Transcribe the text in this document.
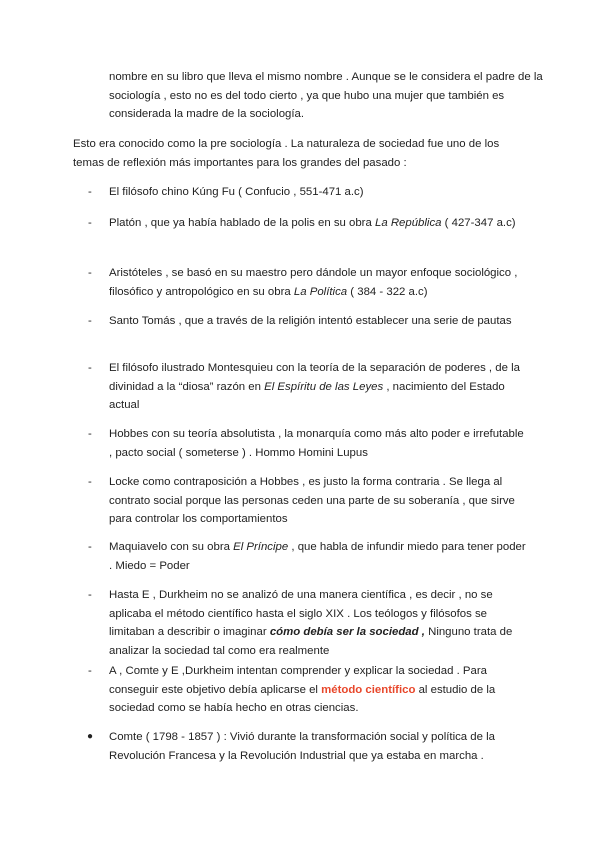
nombre en su libro que lleva el mismo nombre . Aunque se le considera el padre de la sociología , esto no es del todo cierto , ya que hubo una mujer que también es considerada la madre de la sociología.

Esto era conocido como la pre sociología . La naturaleza de sociedad fue uno de los temas de reflexión más importantes para los grandes del pasado :

-	El filósofo chino Kúng Fu ( Confucio , 551-471 a.c)

-	Platón , que ya había hablado de la polis en su obra La República ( 427-347 a.c)

-	Aristóteles , se basó en su maestro pero dándole un mayor enfoque sociológico , filosófico y antropológico en su obra La Política ( 384 - 322 a.c)

-	Santo Tomás , que a través de la religión intentó establecer una serie de pautas

-	El filósofo ilustrado Montesquieu con la teoría de la separación de poderes , de la divinidad a la “diosa” razón en El Espíritu de las Leyes , nacimiento del Estado actual

-	Hobbes con su teoría absolutista , la monarquía como más alto poder e irrefutable , pacto social ( someterse ) . Hommo Homini Lupus

-	Locke como contraposición a Hobbes , es justo la forma contraria . Se llega al contrato social porque las personas ceden una parte de su soberanía , que sirve para controlar los comportamientos

-	Maquiavelo con su obra El Príncipe , que habla de infundir miedo para tener poder . Miedo = Poder

-	Hasta E , Durkheim no se analizó de una manera científica , es decir , no se aplicaba el método científico hasta el siglo XIX . Los teólogos y filósofos se limitaban a describir o imaginar cómo debía ser la sociedad , Ninguno trata de analizar la sociedad tal como era realmente

-	A , Comte y E ,Durkheim intentan comprender y explicar la sociedad . Para conseguir este objetivo debía aplicarse el método científico al estudio de la sociedad como se había hecho en otras ciencias.

●	Comte ( 1798 - 1857 ) : Vivió durante la transformación social y política de la Revolución Francesa y la Revolución Industrial que ya estaba en marcha .
